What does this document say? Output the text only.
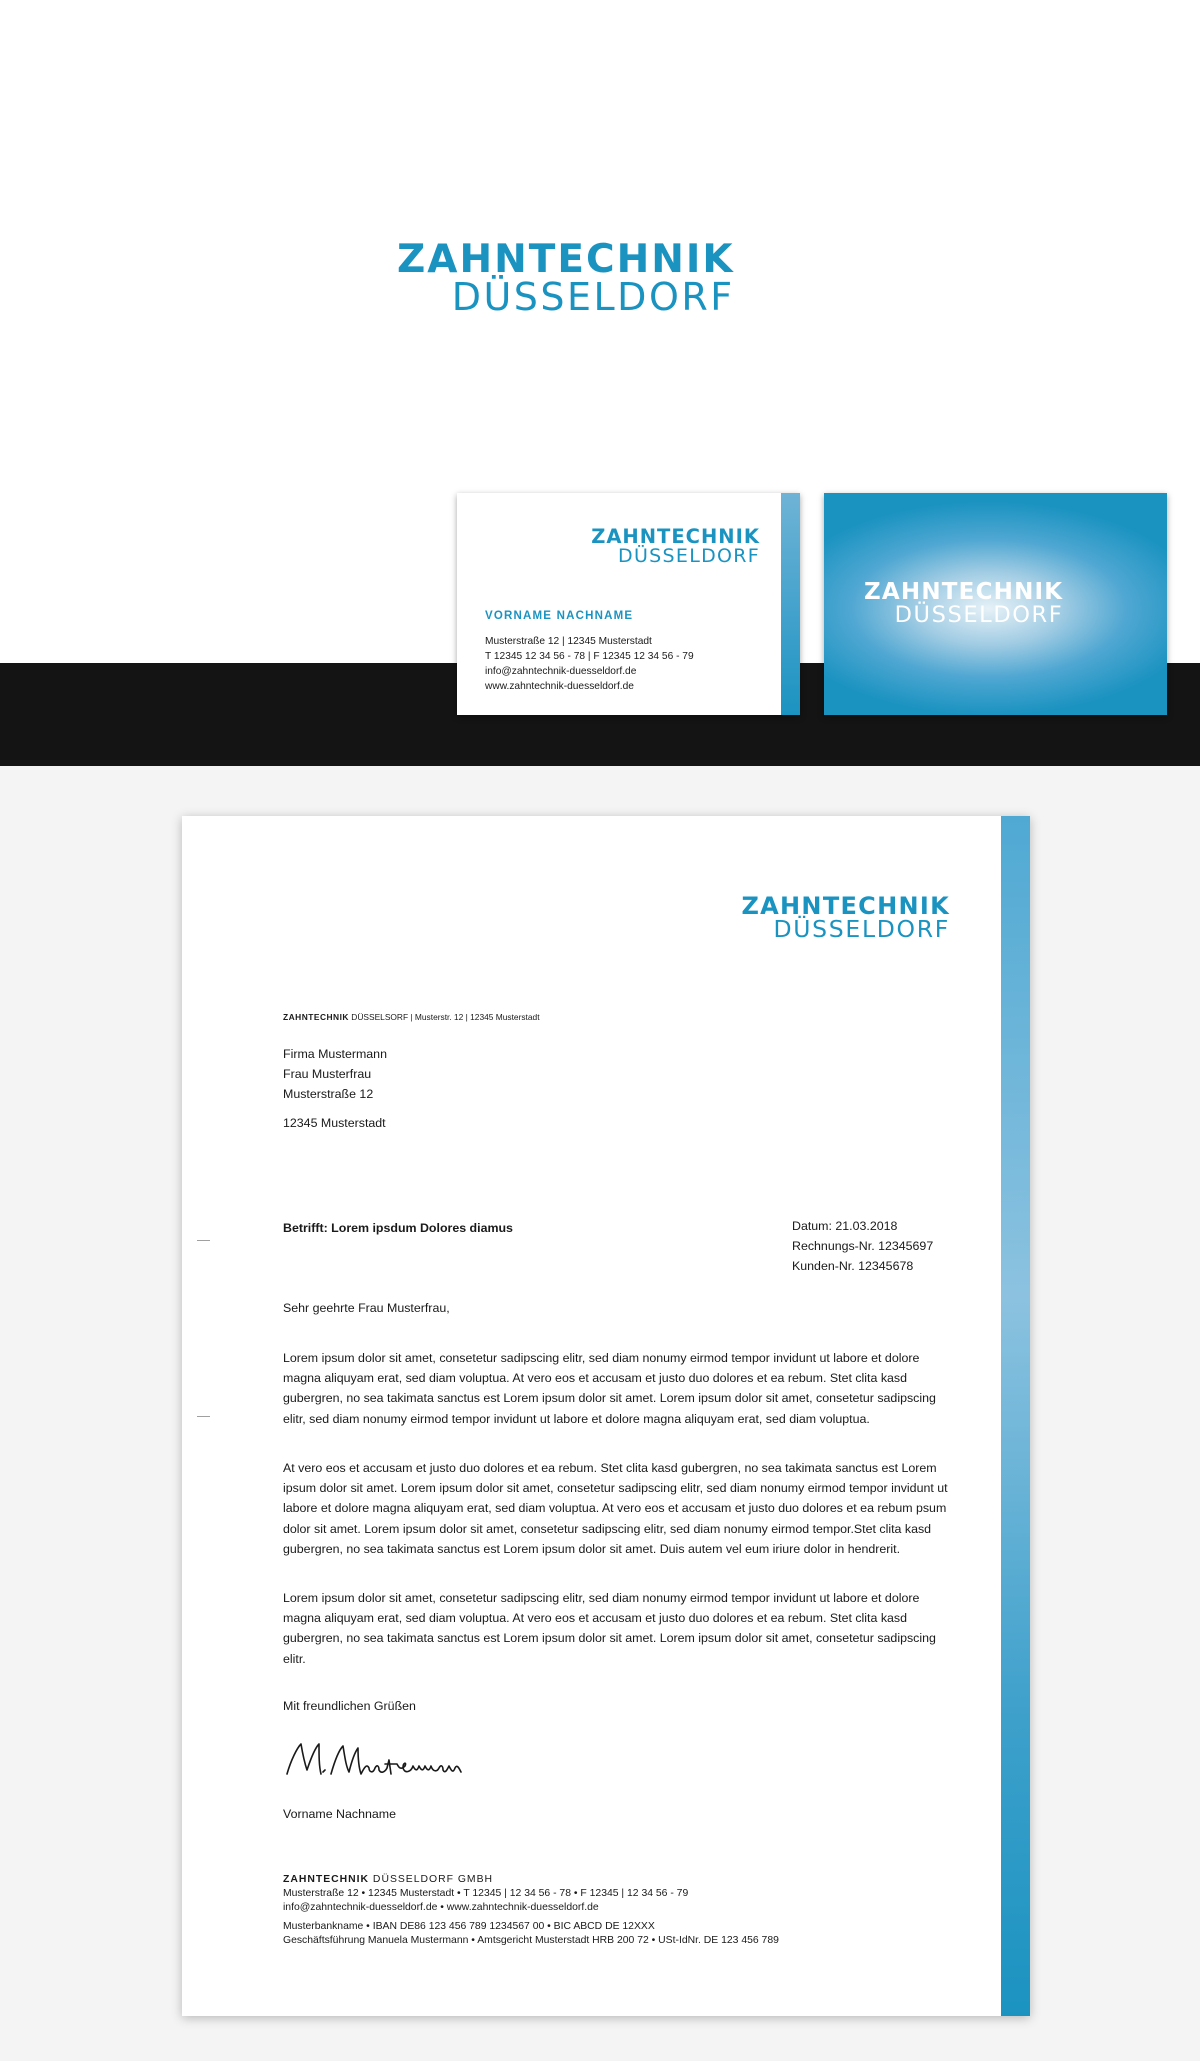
ZAHNTECHNIK
DÜSSELDORF
ZAHNTECHNIK
DÜSSELDORF
VORNAME NACHNAME
Musterstraße 12 | 12345 Musterstadt
T 12345 12 34 56 - 78 | F 12345 12 34 56 - 79
info@zahntechnik-duesseldorf.de
www.zahntechnik-duesseldorf.de
ZAHNTECHNIK
DÜSSELDORF
ZAHNTECHNIK
DÜSSELDORF
ZAHNTECHNIK DÜSSELSORF | Musterstr. 12 | 12345 Musterstadt
Firma Mustermann
Frau Musterfrau
Musterstraße 12
12345 Musterstadt
Betrifft: Lorem ipsdum Dolores diamus	Datum: 21.03.2018
Rechnungs-Nr. 12345697
Kunden-Nr. 12345678
Sehr geehrte Frau Musterfrau,
Lorem ipsum dolor sit amet, consetetur sadipscing elitr, sed diam nonumy eirmod tempor invidunt ut labore et dolore magna aliquyam erat, sed diam voluptua. At vero eos et accusam et justo duo dolores et ea rebum. Stet clita kasd gubergren, no sea takimata sanctus est Lorem ipsum dolor sit amet. Lorem ipsum dolor sit amet, consetetur sadipscing elitr, sed diam nonumy eirmod tempor invidunt ut labore et dolore magna aliquyam erat, sed diam voluptua.
At vero eos et accusam et justo duo dolores et ea rebum. Stet clita kasd gubergren, no sea takimata sanctus est Lorem ipsum dolor sit amet. Lorem ipsum dolor sit amet, consetetur sadipscing elitr, sed diam nonumy eirmod tempor invidunt ut labore et dolore magna aliquyam erat, sed diam voluptua. At vero eos et accusam et justo duo dolores et ea rebum psum dolor sit amet. Lorem ipsum dolor sit amet, consetetur sadipscing elitr, sed diam nonumy eirmod tempor.Stet clita kasd gubergren, no sea takimata sanctus est Lorem ipsum dolor sit amet. Duis autem vel eum iriure dolor in hendrerit.
Lorem ipsum dolor sit amet, consetetur sadipscing elitr, sed diam nonumy eirmod tempor invidunt ut labore et dolore magna aliquyam erat, sed diam voluptua. At vero eos et accusam et justo duo dolores et ea rebum. Stet clita kasd gubergren, no sea takimata sanctus est Lorem ipsum dolor sit amet. Lorem ipsum dolor sit amet, consetetur sadipscing elitr.
Mit freundlichen Grüßen
Vorname Nachname
ZAHNTECHNIK DÜSSELDORF GMBH
Musterstraße 12 • 12345 Musterstadt • T 12345 | 12 34 56 - 78 • F 12345 | 12 34 56 - 79
info@zahntechnik-duesseldorf.de • www.zahntechnik-duesseldorf.de
Musterbankname • IBAN DE86 123 456 789 1234567 00 • BIC ABCD DE 12XXX
Geschäftsführung Manuela Mustermann • Amtsgericht Musterstadt HRB 200 72 • USt-IdNr. DE 123 456 789
